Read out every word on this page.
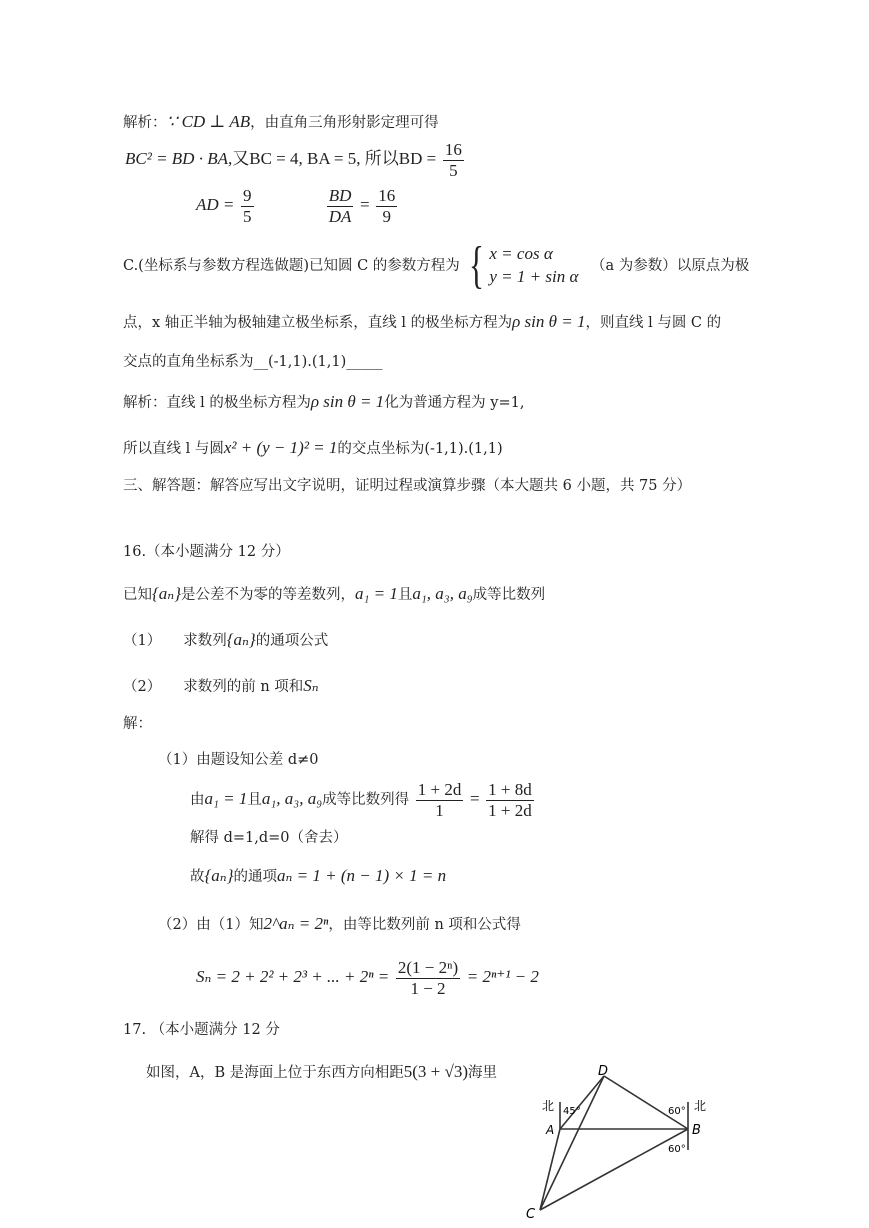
解析：∵ CD ⊥ AB，由直角三角形射影定理可得
BC² = BD · BA,又BC = 4, BA = 5, 所以BD = $\frac{16}{5}$
AD = $\frac{9}{5}$
	$\frac{BD}{DA} = \frac{16}{9}$
C.(坐标系与参数方程选做题)已知圆 C 的参数方程为 { x = cos α
y = 1 + sin α
（a 为参数）以原点为极
点，x 轴正半轴为极轴建立极坐标系，直线 l 的极坐标方程为ρ sin θ = 1，则直线 l 与圆 C 的
交点的直角坐标系为__(-1,1).(1,1)_____
解析：直线 l 的极坐标方程为ρ sin θ = 1化为普通方程为 y=1,
所以直线 l 与圆x² + (y − 1)² = 1的交点坐标为(-1,1).(1,1)
三、解答题：解答应写出文字说明，证明过程或演算步骤（本大题共 6 小题，共 75 分）
16.（本小题满分 12 分）
已知{aₙ}是公差不为零的等差数列，a₁ = 1且a₁, a₃, a₉成等比数列
（1） 求数列{aₙ}的通项公式
（2） 求数列的前 n 项和Sₙ
解：
（1）由题设知公差 d≠0
由a₁ = 1且a₁, a₃, a₉成等比数列得 $\frac{1 + 2d}{1} = \frac{1 + 8d}{1 + 2d}$
解得 d=1,d=0（舍去）
故{aₙ}的通项aₙ = 1 + (n − 1) × 1 = n
（2）由（1）知2^aₙ = 2ⁿ，由等比数列前 n 项和公式得
Sₙ = 2 + 2² + 2³ + ... + $2^n = \frac{\text{2(1 − 2ⁿ)}}{1 - 2} = 2^{n+1} - 2$
17. （本小题满分 12 分
如图，A，B 是海面上位于东西方向相距5(3 + √3)海里	D
A	B
C
北	北
45°	60°
60°
